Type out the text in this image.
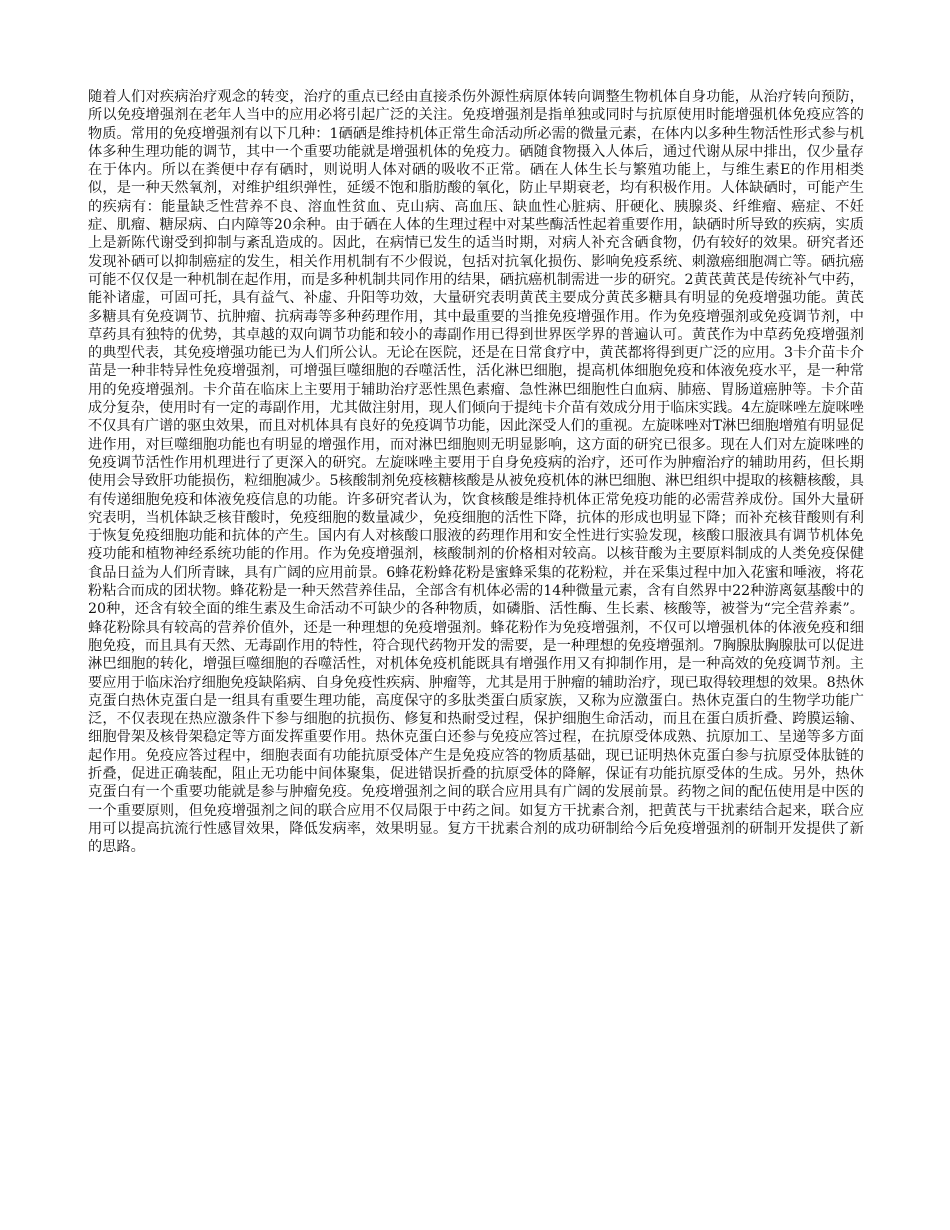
随着人们对疾病治疗观念的转变，治疗的重点已经由直接杀伤外源性病原体转向调整生物机体自身功能，从治疗转向预防，所以免疫增强剂在老年人当中的应用必将引起广泛的关注。免疫增强剂是指单独或同时与抗原使用时能增强机体免疫应答的物质。常用的免疫增强剂有以下几种：1硒硒是维持机体正常生命活动所必需的微量元素，在体内以多种生物活性形式参与机体多种生理功能的调节，其中一个重要功能就是增强机体的免疫力。硒随食物摄入人体后，通过代谢从尿中排出，仅少量存在于体内。所以在粪便中存有硒时，则说明人体对硒的吸收不正常。硒在人体生长与繁殖功能上，与维生素E的作用相类似，是一种天然氧剂，对维护组织弹性，延缓不饱和脂肪酸的氧化，防止早期衰老，均有积极作用。人体缺硒时，可能产生的疾病有：能量缺乏性营养不良、溶血性贫血、克山病、高血压、缺血性心脏病、肝硬化、胰腺炎、纤维瘤、癌症、不妊症、肌瘤、糖尿病、白内障等20余种。由于硒在人体的生理过程中对某些酶活性起着重要作用，缺硒时所导致的疾病，实质上是新陈代谢受到抑制与紊乱造成的。因此，在病情已发生的适当时期，对病人补充含硒食物，仍有较好的效果。研究者还发现补硒可以抑制癌症的发生，相关作用机制有不少假说，包括对抗氧化损伤、影响免疫系统、刺激癌细胞凋亡等。硒抗癌可能不仅仅是一种机制在起作用，而是多种机制共同作用的结果，硒抗癌机制需进一步的研究。2黄芪黄芪是传统补气中药，能补诸虚，可固可托，具有益气、补虚、升阳等功效，大量研究表明黄芪主要成分黄芪多糖具有明显的免疫增强功能。黄芪多糖具有免疫调节、抗肿瘤、抗病毒等多种药理作用，其中最重要的当推免疫增强作用。作为免疫增强剂或免疫调节剂，中草药具有独特的优势，其卓越的双向调节功能和较小的毒副作用已得到世界医学界的普遍认可。黄芪作为中草药免疫增强剂的典型代表，其免疫增强功能已为人们所公认。无论在医院，还是在日常食疗中，黄芪都将得到更广泛的应用。3卡介苗卡介苗是一种非特异性免疫增强剂，可增强巨噬细胞的吞噬活性，活化淋巴细胞，提高机体细胞免疫和体液免疫水平，是一种常用的免疫增强剂。卡介苗在临床上主要用于辅助治疗恶性黑色素瘤、急性淋巴细胞性白血病、肺癌、胃肠道癌肿等。卡介苗成分复杂，使用时有一定的毒副作用，尤其做注射用，现人们倾向于提纯卡介苗有效成分用于临床实践。4左旋咪唑左旋咪唑不仅具有广谱的驱虫效果，而且对机体具有良好的免疫调节功能，因此深受人们的重视。左旋咪唑对T淋巴细胞增殖有明显促进作用，对巨噬细胞功能也有明显的增强作用，而对淋巴细胞则无明显影响，这方面的研究已很多。现在人们对左旋咪唑的免疫调节活性作用机理进行了更深入的研究。左旋咪唑主要用于自身免疫病的治疗，还可作为肿瘤治疗的辅助用药，但长期使用会导致肝功能损伤，粒细胞减少。5核酸制剂免疫核糖核酸是从被免疫机体的淋巴细胞、淋巴组织中提取的核糖核酸，具有传递细胞免疫和体液免疫信息的功能。许多研究者认为，饮食核酸是维持机体正常免疫功能的必需营养成份。国外大量研究表明，当机体缺乏核苷酸时，免疫细胞的数量减少，免疫细胞的活性下降，抗体的形成也明显下降；而补充核苷酸则有利于恢复免疫细胞功能和抗体的产生。国内有人对核酸口服液的药理作用和安全性进行实验发现，核酸口服液具有调节机体免疫功能和植物神经系统功能的作用。作为免疫增强剂，核酸制剂的价格相对较高。以核苷酸为主要原料制成的人类免疫保健食品日益为人们所青睐，具有广阔的应用前景。6蜂花粉蜂花粉是蜜蜂采集的花粉粒，并在采集过程中加入花蜜和唾液，将花粉粘合而成的团状物。蜂花粉是一种天然营养佳品，全部含有机体必需的14种微量元素，含有自然界中22种游离氨基酸中的20种，还含有较全面的维生素及生命活动不可缺少的各种物质，如磷脂、活性酶、生长素、核酸等，被誉为“完全营养素”。蜂花粉除具有较高的营养价值外，还是一种理想的免疫增强剂。蜂花粉作为免疫增强剂，不仅可以增强机体的体液免疫和细胞免疫，而且具有天然、无毒副作用的特性，符合现代药物开发的需要，是一种理想的免疫增强剂。7胸腺肽胸腺肽可以促进淋巴细胞的转化，增强巨噬细胞的吞噬活性，对机体免疫机能既具有增强作用又有抑制作用，是一种高效的免疫调节剂。主要应用于临床治疗细胞免疫缺陷病、自身免疫性疾病、肿瘤等，尤其是用于肿瘤的辅助治疗，现已取得较理想的效果。8热休克蛋白热休克蛋白是一组具有重要生理功能，高度保守的多肽类蛋白质家族，又称为应激蛋白。热休克蛋白的生物学功能广泛，不仅表现在热应激条件下参与细胞的抗损伤、修复和热耐受过程，保护细胞生命活动，而且在蛋白质折叠、跨膜运输、细胞骨架及核骨架稳定等方面发挥重要作用。热休克蛋白还参与免疫应答过程，在抗原受体成熟、抗原加工、呈递等多方面起作用。免疫应答过程中，细胞表面有功能抗原受体产生是免疫应答的物质基础，现已证明热休克蛋白参与抗原受体肽链的折叠，促进正确装配，阻止无功能中间体聚集，促进错误折叠的抗原受体的降解，保证有功能抗原受体的生成。另外，热休克蛋白有一个重要功能就是参与肿瘤免疫。免疫增强剂之间的联合应用具有广阔的发展前景。药物之间的配伍使用是中医的一个重要原则，但免疫增强剂之间的联合应用不仅局限于中药之间。如复方干扰素合剂，把黄芪与干扰素结合起来，联合应用可以提高抗流行性感冒效果，降低发病率，效果明显。复方干扰素合剂的成功研制给今后免疫增强剂的研制开发提供了新的思路。
